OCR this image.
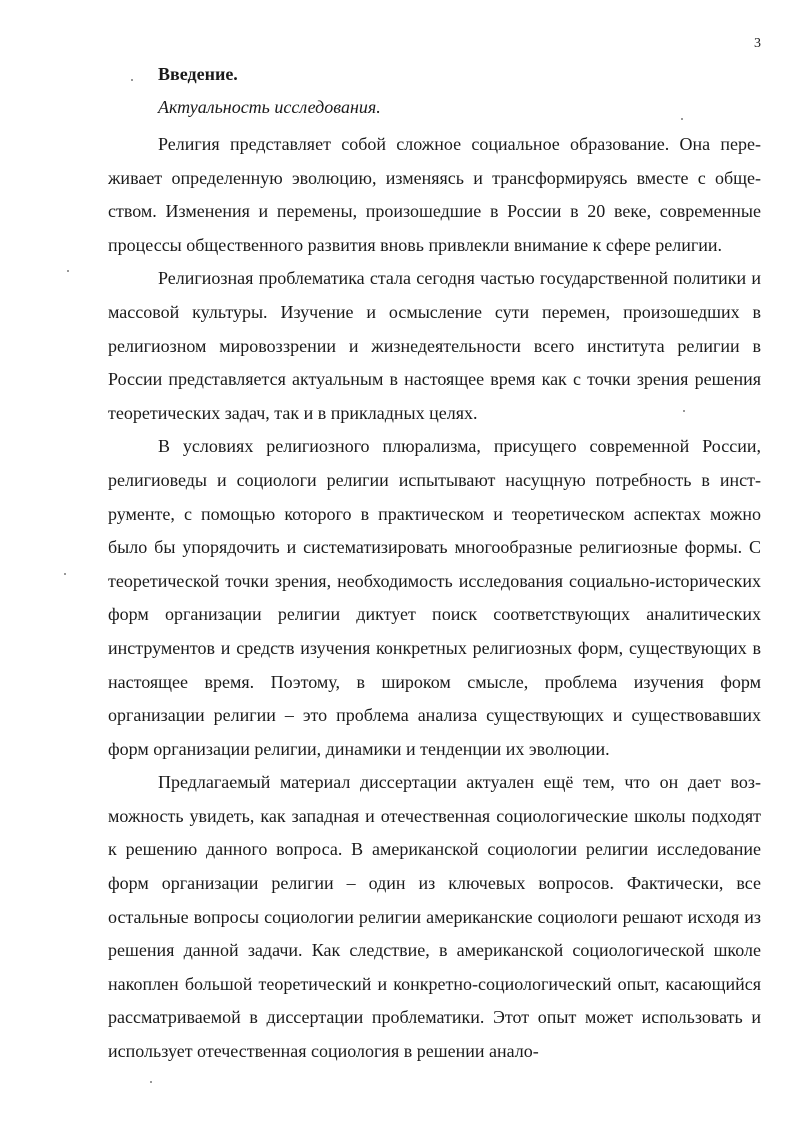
3

Введение.

Актуальность исследования.

Религия представляет собой сложное социальное образование. Она переживает определенную эволюцию, изменяясь и трансформируясь вместе с обществом. Изменения и перемены, произошедшие в России в 20 веке, современные процессы общественного развития вновь привлекли внимание к сфере религии.

Религиозная проблематика стала сегодня частью государственной политики и массовой культуры. Изучение и осмысление сути перемен, произошедших в религиозном мировоззрении и жизнедеятельности всего института религии в России представляется актуальным в настоящее время как с точки зрения решения теоретических задач, так и в прикладных целях.

В условиях религиозного плюрализма, присущего современной России, религиоведы и социологи религии испытывают насущную потребность в инструменте, с помощью которого в практическом и теоретическом аспектах можно было бы упорядочить и систематизировать многообразные религиозные формы. С теоретической точки зрения, необходимость исследования социально-исторических форм организации религии диктует поиск соответствующих аналитических инструментов и средств изучения конкретных религиозных форм, существующих в настоящее время. Поэтому, в широком смысле, проблема изучения форм организации религии – это проблема анализа существующих и существовавших форм организации религии, динамики и тенденции их эволюции.

Предлагаемый материал диссертации актуален ещё тем, что он дает возможность увидеть, как западная и отечественная социологические школы подходят к решению данного вопроса. В американской социологии религии исследование форм организации религии – один из ключевых вопросов. Фактически, все остальные вопросы социологии религии американские социологи решают исходя из решения данной задачи. Как следствие, в американской социологической школе накоплен большой теоретический и конкретно-социологический опыт, касающийся рассматриваемой в диссертации проблематики. Этот опыт может использовать и использует отечественная социология в решении анало-
